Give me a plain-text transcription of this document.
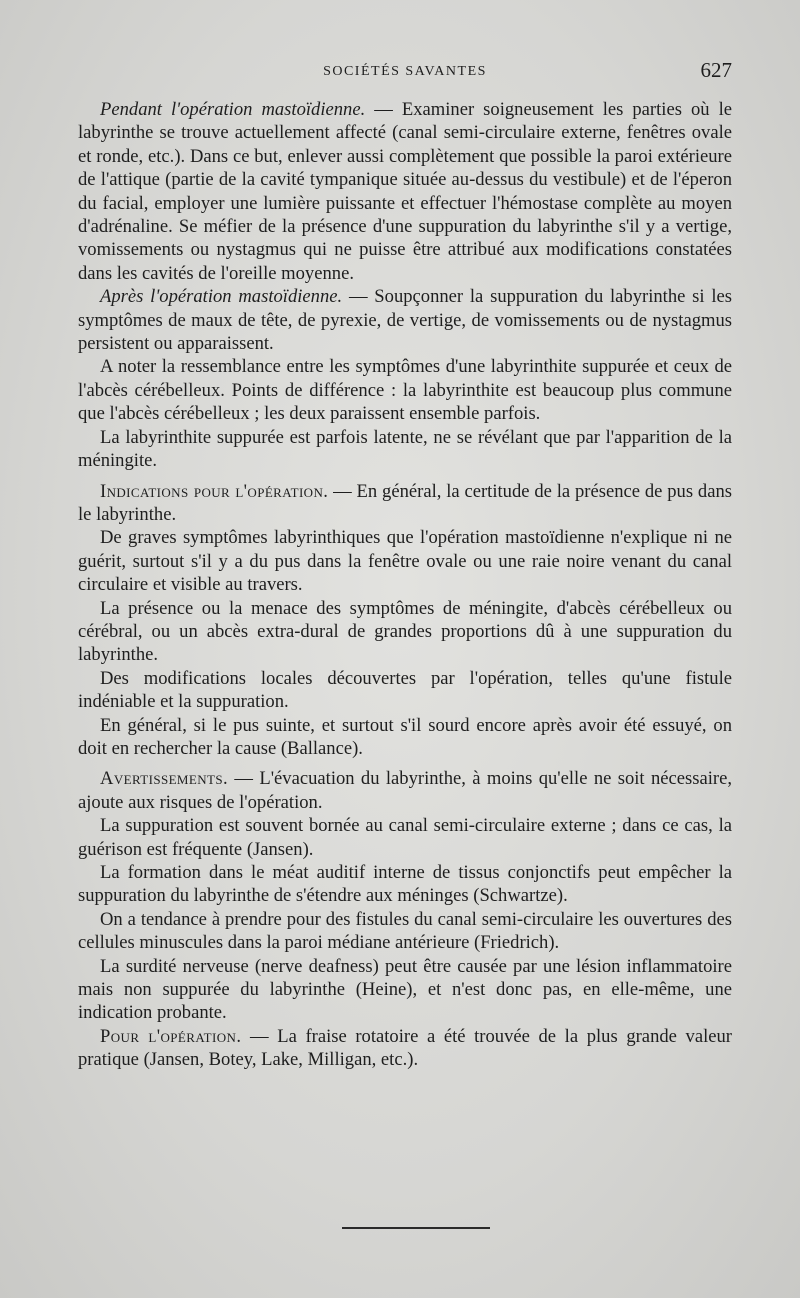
SOCIÉTÉS SAVANTES	627

Pendant l'opération mastoïdienne. — Examiner soigneusement les parties où le labyrinthe se trouve actuellement affecté (canal semi-circulaire externe, fenêtres ovale et ronde, etc.). Dans ce but, enlever aussi complètement que possible la paroi extérieure de l'attique (partie de la cavité tympanique située au-dessus du vestibule) et de l'éperon du facial, employer une lumière puissante et effectuer l'hémostase complète au moyen d'adrénaline. Se méfier de la présence d'une suppuration du labyrinthe s'il y a vertige, vomissements ou nystagmus qui ne puisse être attribué aux modifications constatées dans les cavités de l'oreille moyenne.

Après l'opération mastoïdienne. — Soupçonner la suppuration du labyrinthe si les symptômes de maux de tête, de pyrexie, de vertige, de vomissements ou de nystagmus persistent ou apparaissent.

A noter la ressemblance entre les symptômes d'une labyrinthite suppurée et ceux de l'abcès cérébelleux. Points de différence : la labyrinthite est beaucoup plus commune que l'abcès cérébelleux ; les deux paraissent ensemble parfois.

La labyrinthite suppurée est parfois latente, ne se révélant que par l'apparition de la méningite.

Indications pour l'opération. — En général, la certitude de la présence de pus dans le labyrinthe.

De graves symptômes labyrinthiques que l'opération mastoïdienne n'explique ni ne guérit, surtout s'il y a du pus dans la fenêtre ovale ou une raie noire venant du canal circulaire et visible au travers.

La présence ou la menace des symptômes de méningite, d'abcès cérébelleux ou cérébral, ou un abcès extra-dural de grandes proportions dû à une suppuration du labyrinthe.

Des modifications locales découvertes par l'opération, telles qu'une fistule indéniable et la suppuration.

En général, si le pus suinte, et surtout s'il sourd encore après avoir été essuyé, on doit en rechercher la cause (Ballance).

Avertissements. — L'évacuation du labyrinthe, à moins qu'elle ne soit nécessaire, ajoute aux risques de l'opération.

La suppuration est souvent bornée au canal semi-circulaire externe ; dans ce cas, la guérison est fréquente (Jansen).

La formation dans le méat auditif interne de tissus conjonctifs peut empêcher la suppuration du labyrinthe de s'étendre aux méninges (Schwartze).

On a tendance à prendre pour des fistules du canal semi-circulaire les ouvertures des cellules minuscules dans la paroi médiane antérieure (Friedrich).

La surdité nerveuse (nerve deafness) peut être causée par une lésion inflammatoire mais non suppurée du labyrinthe (Heine), et n'est donc pas, en elle-même, une indication probante.

Pour l'opération. — La fraise rotatoire a été trouvée de la plus grande valeur pratique (Jansen, Botey, Lake, Milligan, etc.).
